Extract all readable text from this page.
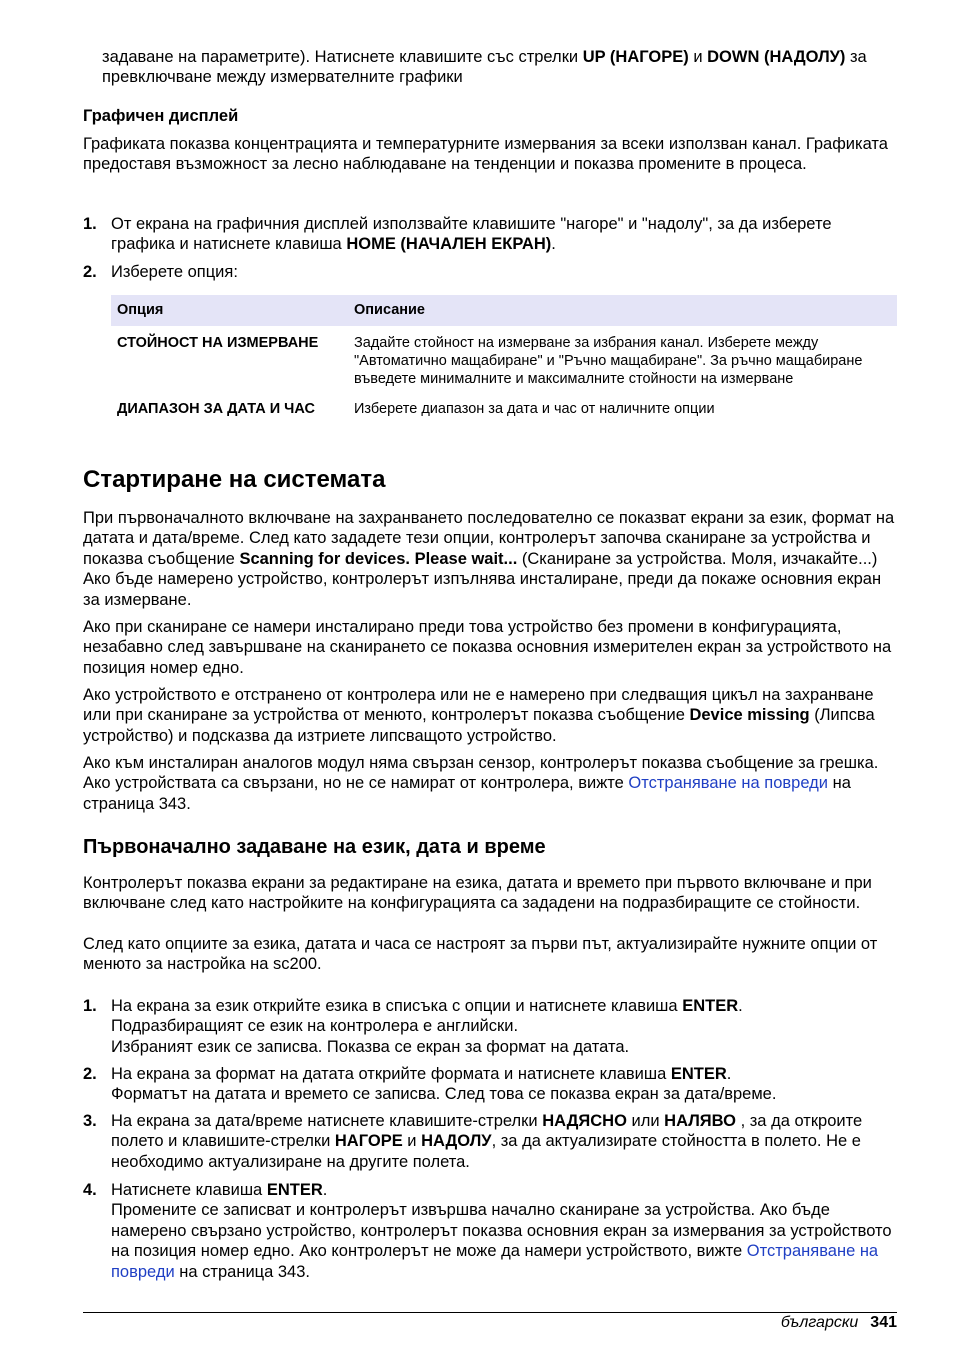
задаване на параметрите). Натиснете клавишите със стрелки UP (НАГОРЕ) и DOWN (НАДОЛУ) за превключване между измервателните графики

Графичен дисплей

Графиката показва концентрацията и температурните измервания за всеки използван канал. Графиката предоставя възможност за лесно наблюдаване на тенденции и показва промените в процеса.

1. От екрана на графичния дисплей използвайте клавишите "нагоре" и "надолу", за да изберете графика и натиснете клавиша HOME (НАЧАЛЕН ЕКРАН).

2. Изберете опция:

Опция	Описание
СТОЙНОСТ НА ИЗМЕРВАНЕ	Задайте стойност на измерване за избрания канал. Изберете между "Автоматично мащабиране" и "Ръчно мащабиране". За ръчно мащабиране въведете минималните и максималните стойности на измерване
ДИАПАЗОН ЗА ДАТА И ЧАС	Изберете диапазон за дата и час от наличните опции
Стартиране на системата

При първоначалното включване на захранването последователно се показват екрани за език, формат на датата и дата/време. След като зададете тези опции, контролерът започва сканиране за устройства и показва съобщение Scanning for devices. Please wait... (Сканиране за устройства. Моля, изчакайте...) Ако бъде намерено устройство, контролерът изпълнява инсталиране, преди да покаже основния екран за измерване.

Ако при сканиране се намери инсталирано преди това устройство без промени в конфигурацията, незабавно след завършване на сканирането се показва основния измерителен екран за устройството на позиция номер едно.

Ако устройството е отстранено от контролера или не е намерено при следващия цикъл на захранване или при сканиране за устройства от менюто, контролерът показва съобщение Device missing (Липсва устройство) и подсказва да изтриете липсващото устройство.

Ако към инсталиран аналогов модул няма свързан сензор, контролерът показва съобщение за грешка. Ако устройствата са свързани, но не се намират от контролера, вижте Отстраняване на повреди на страница 343.

Първоначално задаване на език, дата и време

Контролерът показва екрани за редактиране на езика, датата и времето при първото включване и при включване след като настройките на конфигурацията са зададени на подразбиращите се стойности.

След като опциите за езика, датата и часа се настроят за първи път, актуализирайте нужните опции от менюто за настройка на sc200.

1. На екрана за език открийте езика в списъка с опции и натиснете клавиша ENTER.
Подразбиращият се език на контролера е английски.
Избраният език се записва. Показва се екран за формат на датата.

2. На екрана за формат на датата открийте формата и натиснете клавиша ENTER.
Форматът на датата и времето се записва. След това се показва екран за дата/време.

3. На екрана за дата/време натиснете клавишите-стрелки НАДЯСНО или НАЛЯВО , за да откроите полето и клавишите-стрелки НАГОРЕ и НАДОЛУ, за да актуализирате стойността в полето. Не е необходимо актуализиране на другите полета.

4. Натиснете клавиша ENTER.
Промените се записват и контролерът извършва начално сканиране за устройства. Ако бъде намерено свързано устройство, контролерът показва основния екран за измервания за устройството на позиция номер едно. Ако контролерът не може да намери устройството, вижте Отстраняване на повреди на страница 343.

български 341
